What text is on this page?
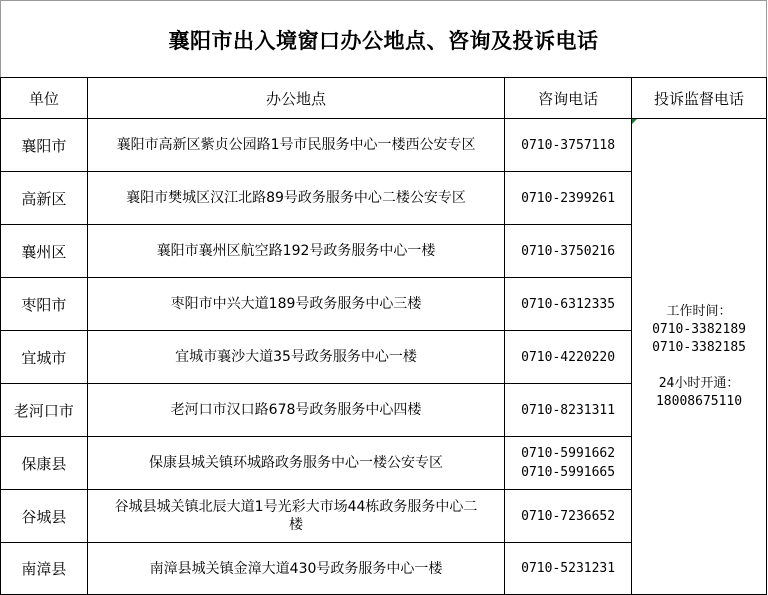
襄阳市出入境窗口办公地点、咨询及投诉电话
单位	办公地点	咨询电话	投诉监督电话
襄阳市	襄阳市高新区紫贞公园路1号市民服务中心一楼西公安专区	0710-3757118	工作时间：
0710-3382189
0710-3382185
24小时开通：
18008675110

高新区	襄阳市樊城区汉江北路89号政务服务中心二楼公安专区	0710-2399261	
襄州区	襄阳市襄州区航空路192号政务服务中心一楼	0710-3750216	
枣阳市	枣阳市中兴大道189号政务服务中心三楼	0710-6312335	
宜城市	宜城市襄沙大道35号政务服务中心一楼	0710-4220220	
老河口市	老河口市汉口路678号政务服务中心四楼	0710-8231311	
保康县	保康县城关镇环城路政务服务中心一楼公安专区	0710-5991662
0710-5991665	

谷城县	谷城县城关镇北辰大道1号光彩大市场44栋政务服务中心二
楼	0710-7236652	
南漳县	南漳县城关镇金漳大道430号政务服务中心一楼	0710-5231231	
